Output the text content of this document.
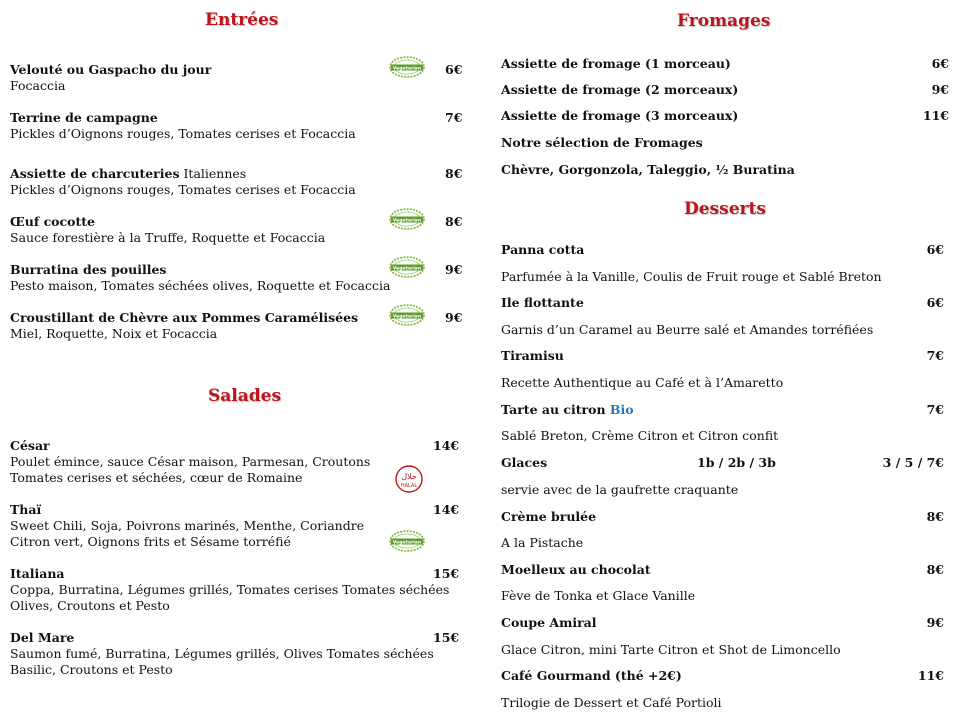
Entrées
Velouté ou Gaspacho du jour
Focaccia
6€
Vegetarian
Terrine de campagne
Pickles d’Oignons rouges, Tomates cerises et Focaccia
7€
Assiette de charcuteries Italiennes
Pickles d’Oignons rouges, Tomates cerises et Focaccia
8€
Œuf cocotte
Sauce forestière à la Truffe, Roquette et Focaccia
8€
Vegetarian
Burratina des pouilles
Pesto maison, Tomates séchées olives, Roquette et Focaccia
9€
Vegetarian
Croustillant de Chèvre aux Pommes Caramélisées
Miel, Roquette, Noix et Focaccia
9€
Vegetarian
Salades
César
Poulet émince, sauce César maison, Parmesan, Croutons
Tomates cerises et séchées, cœur de Romaine
14€
حلال
HALAL
Thaï
Sweet Chili, Soja, Poivrons marinés, Menthe, Coriandre
Citron vert, Oignons frits et Sésame torréfié
14€
Vegetarian
Italiana
Coppa, Burratina, Légumes grillés, Tomates cerises Tomates séchées
Olives, Croutons et Pesto
15€
Del Mare
Saumon fumé, Burratina, Légumes grillés, Olives Tomates séchées
Basilic, Croutons et Pesto
15€
Fromages
Assiette de fromage (1 morceau)	6€
Assiette de fromage (2 morceaux)	9€
Assiette de fromage (3 morceaux)	11€
Notre sélection de Fromages
Chèvre, Gorgonzola, Taleggio, ½ Buratina
Desserts
Panna cotta	6€
Parfumée à la Vanille, Coulis de Fruit rouge et Sablé Breton
Ile flottante	6€
Garnis d’un Caramel au Beurre salé et Amandes torréfiées
Tiramisu	7€
Recette Authentique au Café et à l’Amaretto
Tarte au citron Bio	7€
Sablé Breton, Crème Citron et Citron confit
Glaces	1b / 2b / 3b	3 / 5 / 7€
servie avec de la gaufrette craquante
Crème brulée	8€
A la Pistache
Moelleux au chocolat	8€
Fève de Tonka et Glace Vanille
Coupe Amiral	9€
Glace Citron, mini Tarte Citron et Shot de Limoncello
Café Gourmand (thé +2€)	11€
Trilogie de Dessert et Café Portioli
